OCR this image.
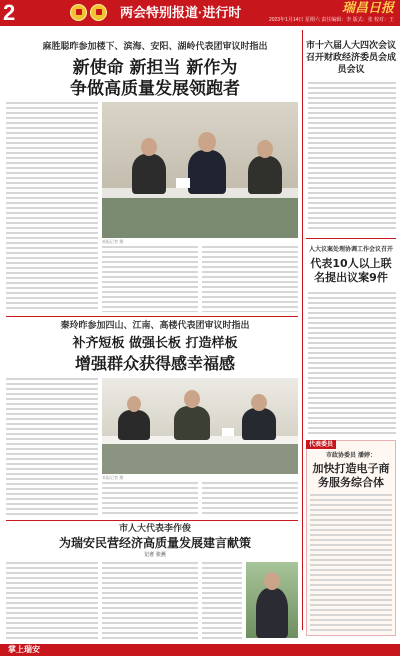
2	两会特别报道·进行时	瑞昌日报
2023年1月14日 星期六 责任编辑：李 版式：张 校对：王
麻胜聪昨参加楼下、滨海、安阳、湖岭代表团审议时指出
新使命 新担当 新作为
争做高质量发展领跑者
本报记者 摄
市十六届人大四次会议召开财政经济委员会成员会议
人大议案处理协调工作会议召开
代表10人以上联名提出议案9件
代表委员
市政协委员 潘婷：
加快打造电子商务服务综合体
秦玲昨参加四山、江南、高楼代表团审议时指出
补齐短板 做强长板 打造样板
增强群众获得感幸福感
本报记者 摄
市人大代表李作俊
为瑞安民营经济高质量发展建言献策
记者 张燕
掌上瑞安
